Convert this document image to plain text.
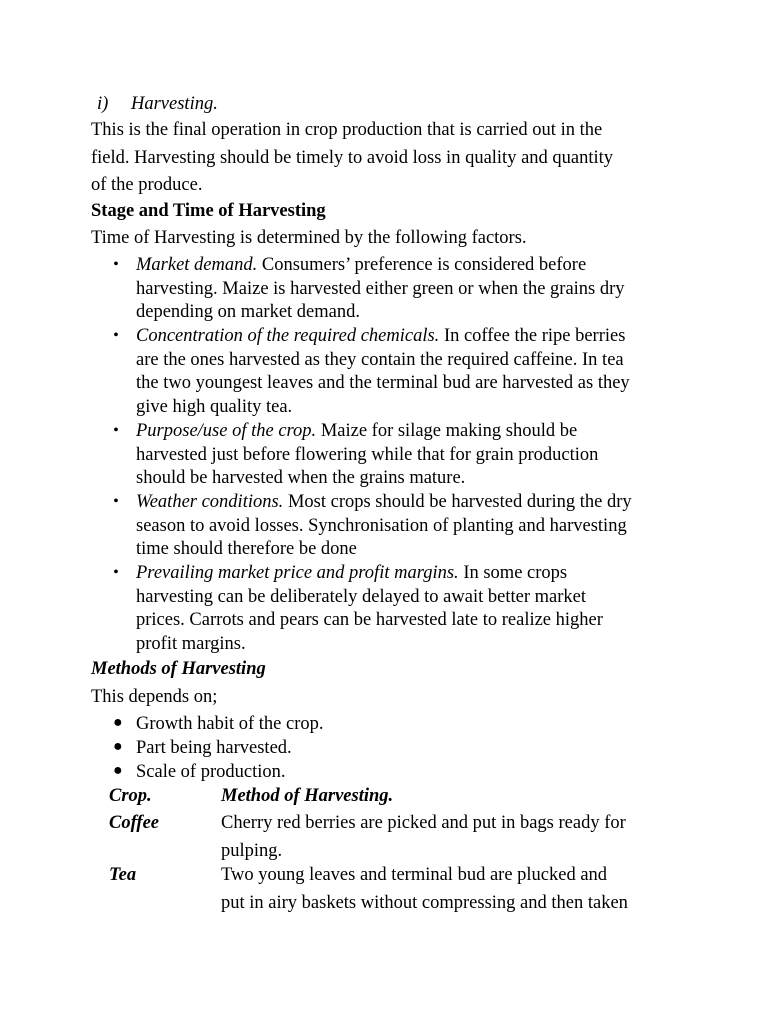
i) Harvesting.
This is the final operation in crop production that is carried out in the
field. Harvesting should be timely to avoid loss in quality and quantity
of the produce.
Stage and Time of Harvesting
Time of Harvesting is determined by the following factors.
• Market demand. Consumers’ preference is considered before
harvesting. Maize is harvested either green or when the grains dry
depending on market demand.
• Concentration of the required chemicals. In coffee the ripe berries
are the ones harvested as they contain the required caffeine. In tea
the two youngest leaves and the terminal bud are harvested as they
give high quality tea.
• Purpose/use of the crop. Maize for silage making should be
harvested just before flowering while that for grain production
should be harvested when the grains mature.
• Weather conditions. Most crops should be harvested during the dry
season to avoid losses. Synchronisation of planting and harvesting
time should therefore be done
• Prevailing market price and profit margins. In some crops
harvesting can be deliberately delayed to await better market
prices. Carrots and pears can be harvested late to realize higher
profit margins.
Methods of Harvesting
This depends on;
● Growth habit of the crop.
● Part being harvested.
● Scale of production.
Crop.	Method of Harvesting.
Coffee	Cherry red berries are picked and put in bags ready for
pulping.
Tea	Two young leaves and terminal bud are plucked and
put in airy baskets without compressing and then taken
